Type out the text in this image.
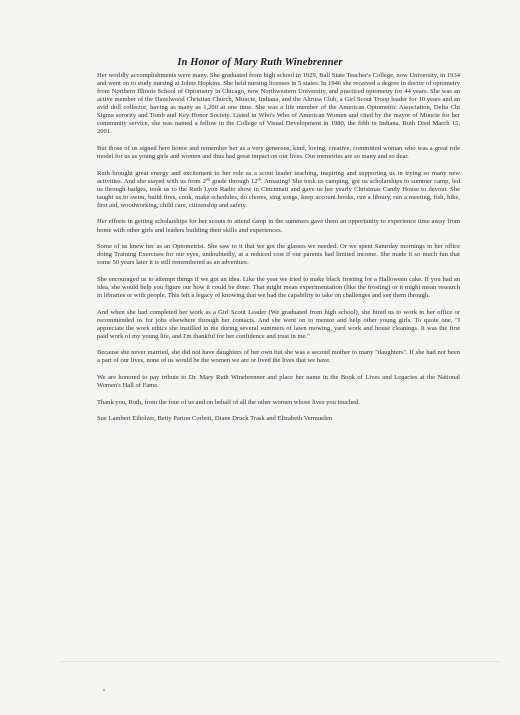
In Honor of Mary Ruth Winebrenner

Her worldly accomplishments were many. She graduated from high school in 1929, Ball State Teacher's College, now University, in 1934 and went on to study nursing at Johns Hopkins. She held nursing licenses in 5 states. In 1946 she received a degree in doctor of optometry from Northern Illinois School of Optometry in Chicago, now Northwestern University, and practiced optometry for 44 years. She was an active member of the Hazelwood Christian Church, Muncie, Indiana, and the Altrusa Club, a Girl Scout Troop leader for 10 years and an avid doll collector, having as many as 1,200 at one time. She was a life member of the American Optometric Association, Delta Chi Sigma sorority and Tomb and Key Honor Society. Listed in Who's Who of American Women and cited by the mayor of Muncie for her community service, she was named a fellow in the College of Visual Development in 1980, the fifth in Indiana. Ruth Died March 15, 2001.

But those of us signed here honor and remember her as a very generous, kind, loving, creative, committed woman who was a great role model for us as young girls and women and thus had great impact on our lives. Our memories are so many and so dear.

Ruth brought great energy and excitement to her role as a scout leader teaching, inspiring and supporting us in trying so many new activities. And she stayed with us from 2nd grade through 12th. Amazing! She took us camping, got us scholarships to summer camp, led us through badges, took us to the Ruth Lyon Radio show in Cincinnati and gave us her yearly Christmas Candy House to devour. She taught us to swim, build fires, cook, make schedules, do chores, sing songs, keep account books, run a library, run a meeting, fish, hike, first aid, woodworking, child care, citizenship and safety.

Her efforts in getting scholarships for her scouts to attend camp in the summers gave them an opportunity to experience time away from home with other girls and leaders building their skills and experiences.

Some of us knew her as an Optometrist. She saw to it that we got the glasses we needed. Or we spent Saturday mornings in her office doing Training Exercises for our eyes, undoubtedly, at a reduced cost if our parents had limited income. She made it so much fun that some 50 years later it is still remembered as an adventure.

She encouraged us to attempt things if we got an idea. Like the year we tried to make black frosting for a Halloween cake. If you had an idea, she would help you figure our how it could be done. That might mean experimentation (like the frosting) or it might mean research in libraries or with people. This left a legacy of knowing that we had the capability to take on challenges and see them through.

And when she had completed her work as a Girl Scout Leader (We graduated from high school), she hired us to work in her office or recommended us for jobs elsewhere through her contacts. And she went on to mentor and help other young girls. To quote one, "I appreciate the work ethics she instilled in me during several summers of lawn mowing, yard work and house cleanings. It was the first paid work of my young life, and I'm thankful for her confidence and trust in me."

Because she never married, she did not have daughters of her own but she was a second mother to many "daughters". If she had not been a part of our lives, none of us would be the women we are or lived the lives that we have.

We are honored to pay tribute to Dr. Mary Ruth Winebrenner and place her name in the Book of Lives and Legacies at the National Women's Hall of Fame.

Thank you, Ruth, from the four of us and on behalf of all the other women whose lives you touched.

Sue Lambert Eiholzer, Betty Parton Corbett, Diane Druck Trask and Elizabeth Vermuelen
